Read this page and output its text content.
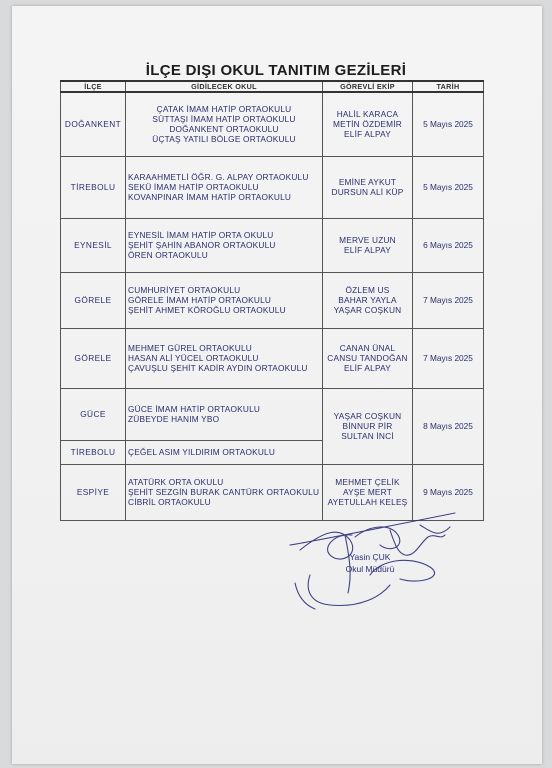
İLÇE DIŞI OKUL TANITIM GEZİLERİ
İLÇE	GİDİLECEK OKUL	GÖREVLİ EKİP	TARİH
DOĞANKENT	ÇATAK İMAM HATİP ORTAOKULU
SÜTTAŞI İMAM HATİP ORTAOKULU
DOĞANKENT ORTAOKULU
ÜÇTAŞ YATILI BÖLGE ORTAOKULU	HALİL KARACA
METİN ÖZDEMİR
ELİF ALPAY	5 Mayıs 2025
TİREBOLU	KARAAHMETLİ ÖĞR. G. ALPAY ORTAOKULU
SEKÜ İMAM HATİP ORTAOKULU
KOVANPINAR İMAM HATİP ORTAOKULU	EMİNE AYKUT
DURSUN ALİ KÜP	5 Mayıs 2025
EYNESİL	EYNESİL İMAM HATİP ORTA OKULU
ŞEHİT ŞAHİN ABANOR ORTAOKULU
ÖREN ORTAOKULU	MERVE UZUN
ELİF ALPAY	6 Mayıs 2025
GÖRELE	CUMHURİYET ORTAOKULU
GÖRELE İMAM HATİP ORTAOKULU
ŞEHİT AHMET KÖROĞLU ORTAOKULU	ÖZLEM US
BAHAR YAYLA
YAŞAR COŞKUN	7 Mayıs 2025
GÖRELE	MEHMET GÜREL ORTAOKULU
HASAN ALİ YÜCEL ORTAOKULU
ÇAVUŞLU ŞEHİT KADİR AYDIN ORTAOKULU	CANAN ÜNAL
CANSU TANDOĞAN
ELİF ALPAY	7 Mayıs 2025
GÜCE	GÜCE İMAM HATİP ORTAOKULU
ZÜBEYDE HANIM YBO	YAŞAR COŞKUN
BİNNUR PİR
SULTAN İNCİ	8 Mayıs 2025
TİREBOLU	ÇEĞEL ASIM YILDIRIM ORTAOKULU		

ESPİYE	ATATÜRK ORTA OKULU
ŞEHİT SEZGİN BURAK CANTÜRK ORTAOKULU
CİBRİL ORTAOKULU	MEHMET ÇELİK
AYŞE MERT
AYETULLAH KELEŞ	9 Mayıs 2025
Yasin ÇUK
Okul Müdürü
